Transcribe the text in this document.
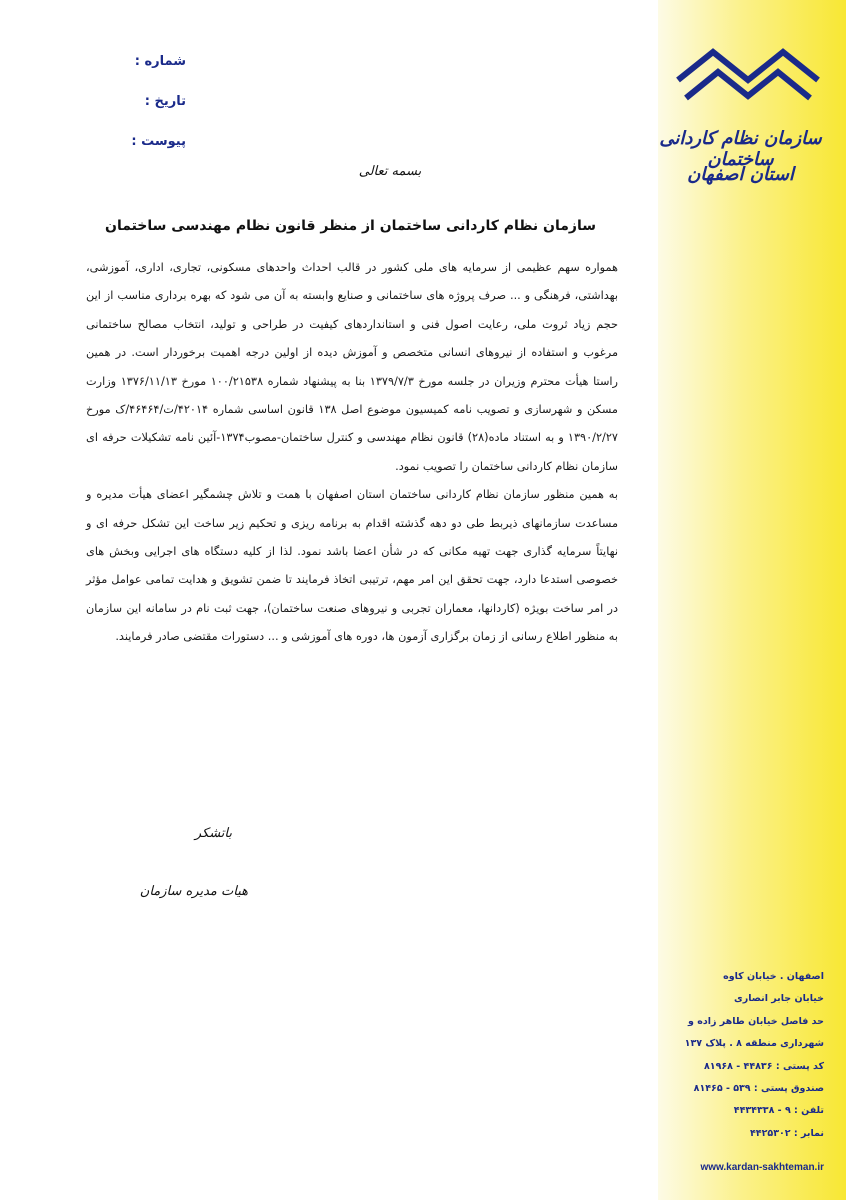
سازمان نظام کاردانی ساختمان
استان اصفهان
شماره :
تاریخ :
پیوست :
بسمه تعالی
سازمان نظام کاردانی ساختمان از منظر قانون نظام مهندسی ساختمان

همواره سهم عظیمی از سرمایه های ملی کشور در قالب احداث واحدهای مسکونی، تجاری، اداری، آموزشی، بهداشتی، فرهنگی و ... صرف پروژه های ساختمانی و صنایع وابسته به آن می شود که بهره برداری مناسب از این حجم زیاد ثروت ملی، رعایت اصول فنی و استانداردهای کیفیت در طراحی و تولید، انتخاب مصالح ساختمانی مرغوب و استفاده از نیروهای انسانی متخصص و آموزش دیده از اولین درجه اهمیت برخوردار است. در همین راستا هیأت محترم وزیران در جلسه مورخ ۱۳۷۹/۷/۳ بنا به پیشنهاد شماره ۱۰۰/۲۱۵۳۸ مورخ ۱۳۷۶/۱۱/۱۳ وزارت مسکن و شهرسازی و تصویب نامه کمیسیون موضوع اصل ۱۳۸ قانون اساسی شماره ۴۲۰۱۴/ت/۴۶۴۶۴/ک مورخ ۱۳۹۰/۲/۲۷ و به استناد ماده(۲۸) قانون نظام مهندسی و کنترل ساختمان-مصوب۱۳۷۴-آئین نامه تشکیلات حرفه ای سازمان نظام کاردانی ساختمان را تصویب نمود.

به همین منظور سازمان نظام کاردانی ساختمان استان اصفهان با همت و تلاش چشمگیر اعضای هیأت مدیره و مساعدت سازمانهای ذیربط طی دو دهه گذشته اقدام به برنامه ریزی و تحکیم زیر ساخت این تشکل حرفه ای و نهایتاً سرمایه گذاری جهت تهیه مکانی که در شأن اعضا باشد نمود. لذا از کلیه دستگاه های اجرایی وبخش های خصوصی استدعا دارد، جهت تحقق این امر مهم، ترتیبی اتخاذ فرمایند تا ضمن تشویق و هدایت تمامی عوامل مؤثر در امر ساخت بویژه (کاردانها، معماران تجربی و نیروهای صنعت ساختمان)، جهت ثبت نام در سامانه این سازمان به منظور اطلاع رسانی از زمان برگزاری آزمون ها، دوره های آموزشی و ... دستورات مقتضی صادر فرمایند.

باتشکر
هیات مدیره سازمان
اصفهان . خیابان کاوه
خیابان جابر انصاری
حد فاصل خیابان طاهر زاده و
شهرداری منطقه ۸ . پلاک ۱۳۷
کد پستی : ۴۴۸۳۶ - ۸۱۹۶۸
صندوق پستی : ۵۳۹ - ۸۱۴۶۵
تلفن : ۹ - ۴۴۳۴۳۳۸
نمابر : ۴۴۲۵۳۰۲
www.kardan-sakhteman.ir
